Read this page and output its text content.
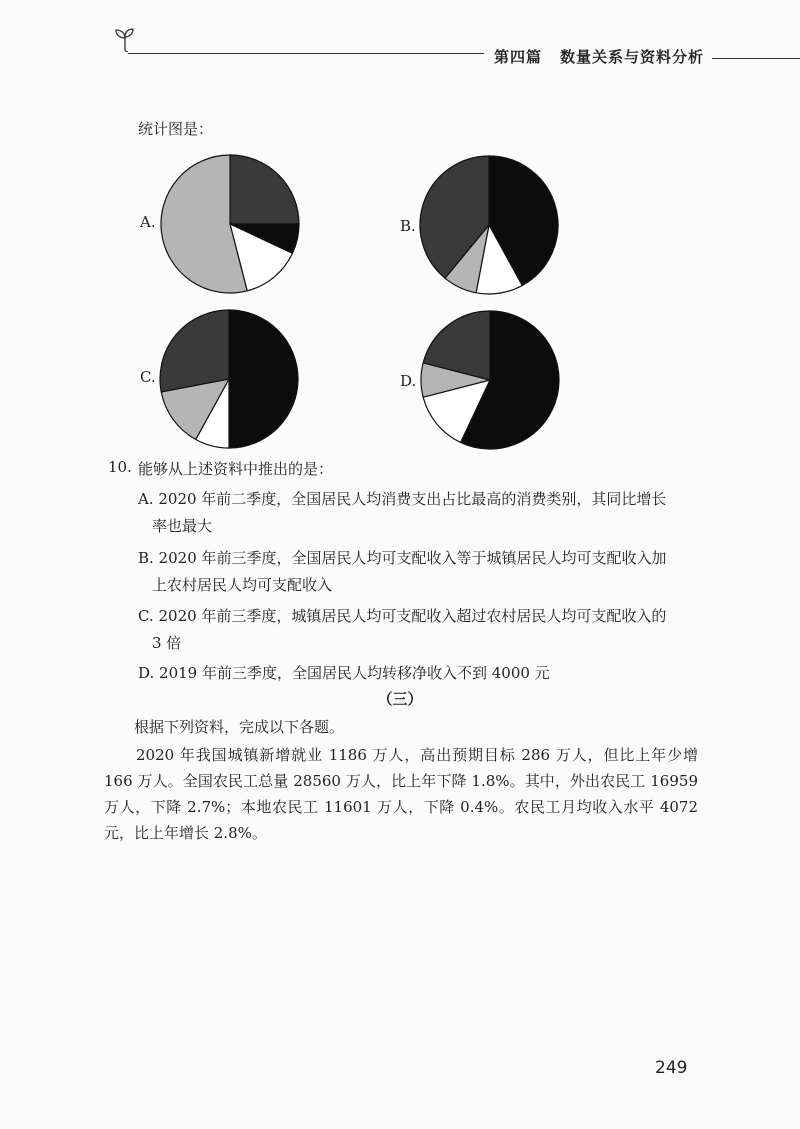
第四篇 数量关系与资料分析
统计图是：
A.	B.
C.	D.
10. 能够从上述资料中推出的是：
A. 2020 年前二季度，全国居民人均消费支出占比最高的消费类别，其同比增长
率也最大
B. 2020 年前三季度，全国居民人均可支配收入等于城镇居民人均可支配收入加
上农村居民人均可支配收入
C. 2020 年前三季度，城镇居民人均可支配收入超过农村居民人均可支配收入的
3 倍
D. 2019 年前三季度，全国居民人均转移净收入不到 4000 元
（三）
根据下列资料，完成以下各题。
2020 年我国城镇新增就业 1186 万人，高出预期目标 286 万人，但比上年少增 166 万人。全国农民工总量 28560 万人，比上年下降 1.8%。其中，外出农民工 16959 万人，下降 2.7%；本地农民工 11601 万人，下降 0.4%。农民工月均收入水平 4072 元，比上年增长 2.8%。
249
